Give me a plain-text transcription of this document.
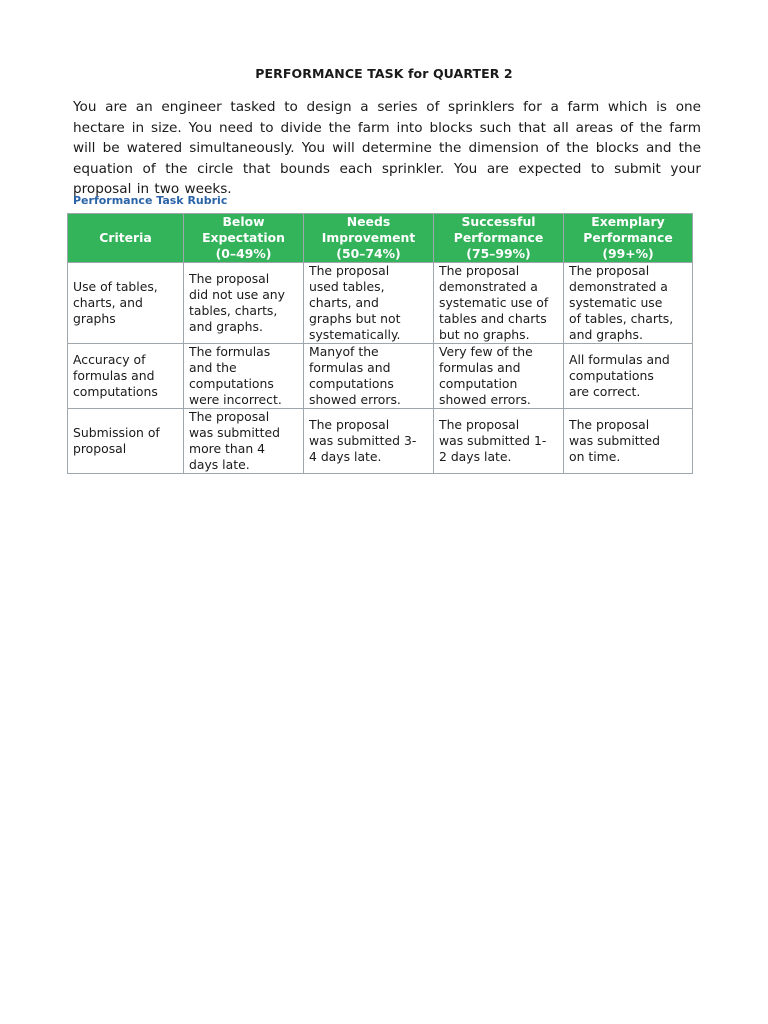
PERFORMANCE TASK for QUARTER 2

You are an engineer tasked to design a series of sprinklers for a farm which is one hectare in size. You need to divide the farm into blocks such that all areas of the farm will be watered simultaneously. You will determine the dimension of the blocks and the equation of the circle that bounds each sprinkler. You are expected to submit your proposal in two weeks.

Performance Task Rubric
Criteria	Below
Expectation
(0–49%)	Needs
Improvement
(50–74%)	Successful
Performance
(75–99%)	Exemplary
Performance
(99+%)

Use of tables,
charts, and
graphs	The proposal
did not use any
tables, charts,
and graphs.	The proposal
used tables,
charts, and
graphs but not
systematically.	The proposal
demonstrated a
systematic use of
tables and charts
but no graphs.	The proposal
demonstrated a
systematic use
of tables, charts,
and graphs.

Accuracy of
formulas and
computations	The formulas
and the
computations
were incorrect.	Manyof the
formulas and
computations
showed errors.	Very few of the
formulas and
computation
showed errors.	All formulas and
computations
are correct.

Submission of
proposal	The proposal
was submitted
more than 4
days late.	The proposal
was submitted 3-
4 days late.	The proposal
was submitted 1-
2 days late.	The proposal
was submitted
on time.
